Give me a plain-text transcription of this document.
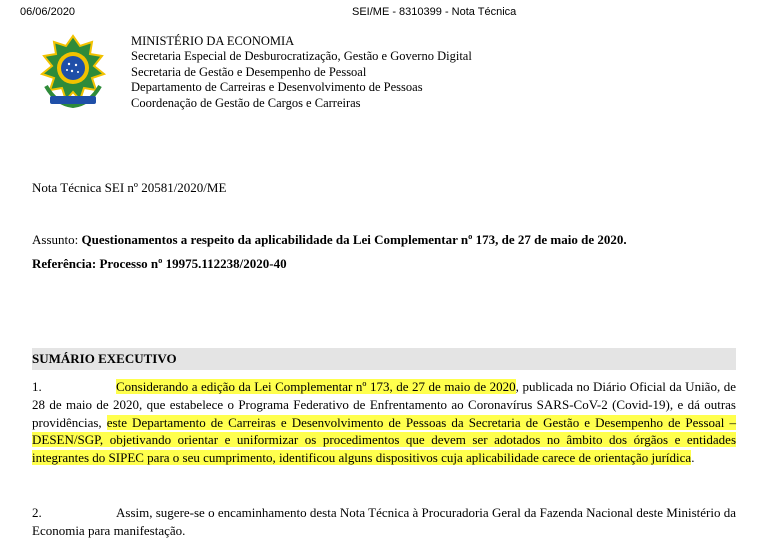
06/06/2020	SEI/ME - 8310399 - Nota Técnica
MINISTÉRIO DA ECONOMIA
Secretaria Especial de Desburocratização, Gestão e Governo Digital
Secretaria de Gestão e Desempenho de Pessoal
Departamento de Carreiras e Desenvolvimento de Pessoas
Coordenação de Gestão de Cargos e Carreiras
Nota Técnica SEI nº 20581/2020/ME
Assunto: Questionamentos a respeito da aplicabilidade da Lei Complementar nº 173, de 27 de maio de 2020.
Referência: Processo nº 19975.112238/2020-40
SUMÁRIO EXECUTIVO
1.	Considerando a edição da Lei Complementar nº 173, de 27 de maio de 2020, publicada no Diário Oficial da União, de 28 de maio de 2020, que estabelece o Programa Federativo de Enfrentamento ao Coronavírus SARS-CoV-2 (Covid-19), e dá outras providências, este Departamento de Carreiras e Desenvolvimento de Pessoas da Secretaria de Gestão e Desempenho de Pessoal – DESEN/SGP, objetivando orientar e uniformizar os procedimentos que devem ser adotados no âmbito dos órgãos e entidades integrantes do SIPEC para o seu cumprimento, identificou alguns dispositivos cuja aplicabilidade carece de orientação jurídica.
2.	Assim, sugere-se o encaminhamento desta Nota Técnica à Procuradoria Geral da Fazenda Nacional deste Ministério da Economia para manifestação.
